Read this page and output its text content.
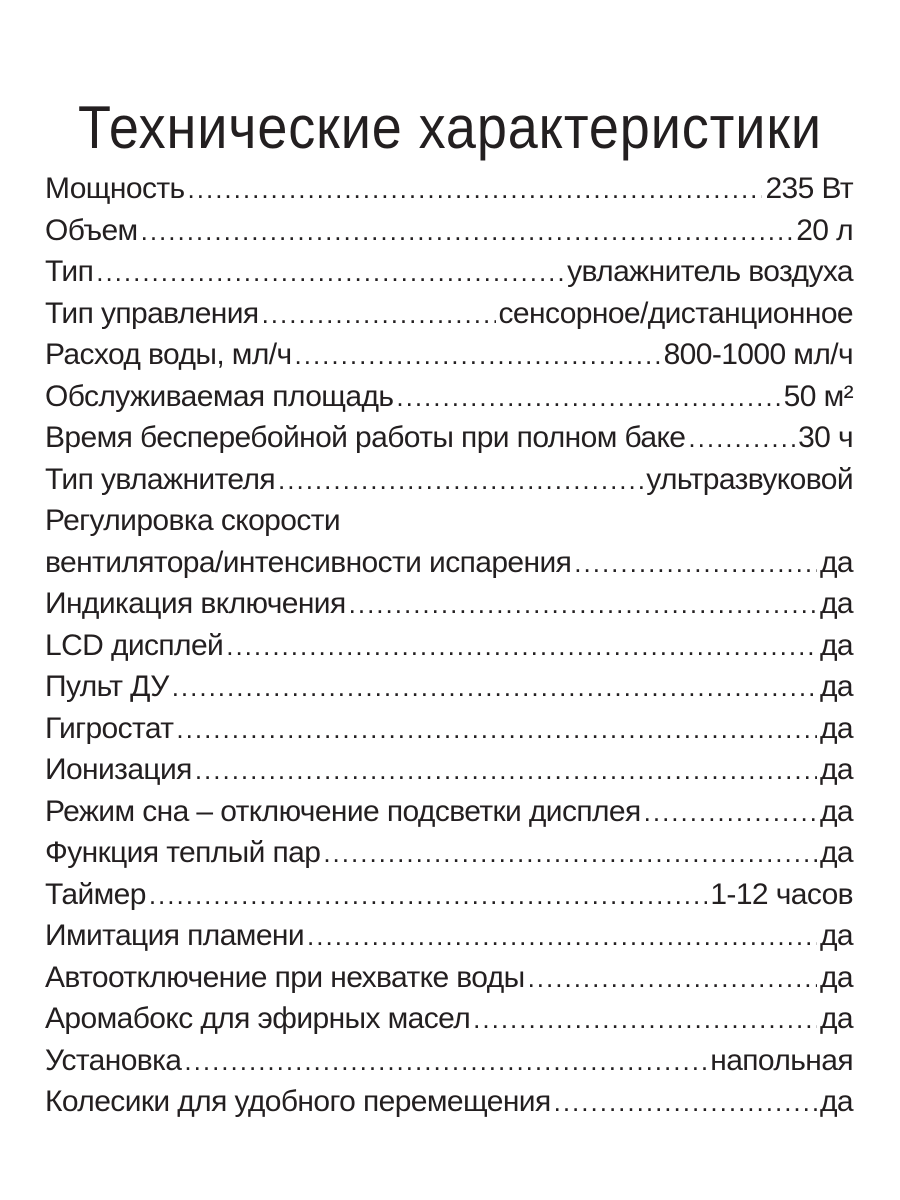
Технические характеристики
Мощность .....	235 Вт
Объем .....	20 л
Тип .....	увлажнитель воздуха
Тип управления .....	сенсорное/дистанционное
Расход воды, мл/ч .....	800-1000 мл/ч
Обслуживаемая площадь .....	50 м²
Время бесперебойной работы при полном баке .....	30 ч
Тип увлажнителя .....	ультразвуковой
Регулировка скорости
вентилятора/интенсивности испарения .....	да
Индикация включения .....	да
LCD дисплей .....	да
Пульт ДУ .....	да
Гигростат .....	да
Ионизация .....	да
Режим сна – отключение подсветки дисплея .....	да
Функция теплый пар .....	да
Таймер .....	1-12 часов
Имитация пламени .....	да
Автоотключение при нехватке воды .....	да
Аромабокс для эфирных масел .....	да
Установка .....	напольная
Колесики для удобного перемещения .....	да
